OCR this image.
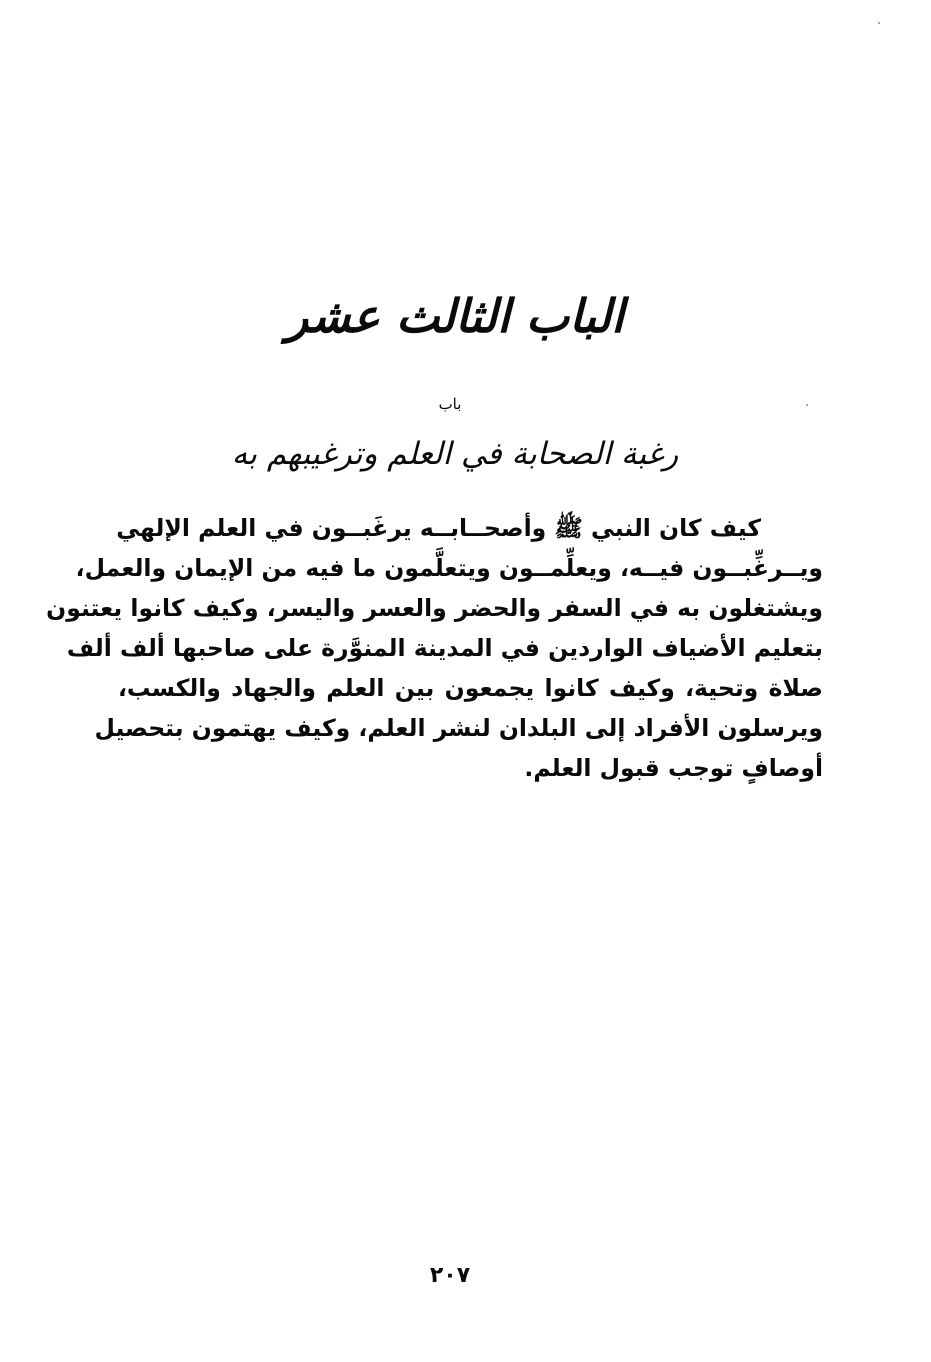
الباب الثالث عشر
باب
رغبة الصحابة في العلم وترغيبهم به
كيف كان النبي ﷺ وأصحــابــه يرغَبــون في العلم الإلهي
ويــرغِّبــون فيــه، ويعلِّمــون ويتعلَّمون ما فيه من الإيمان والعمل،
ويشتغلون به في السفر والحضر والعسر واليسر، وكيف كانوا يعتنون
بتعليم الأضياف الواردين في المدينة المنوَّرة على صاحبها ألف ألف
صلاة وتحية، وكيف كانوا يجمعون بين العلم والجهاد والكسب،
ويرسلون الأفراد إلى البلدان لنشر العلم، وكيف يهتمون بتحصيل
أوصافٍ توجب قبول العلم.
٢٠٧
